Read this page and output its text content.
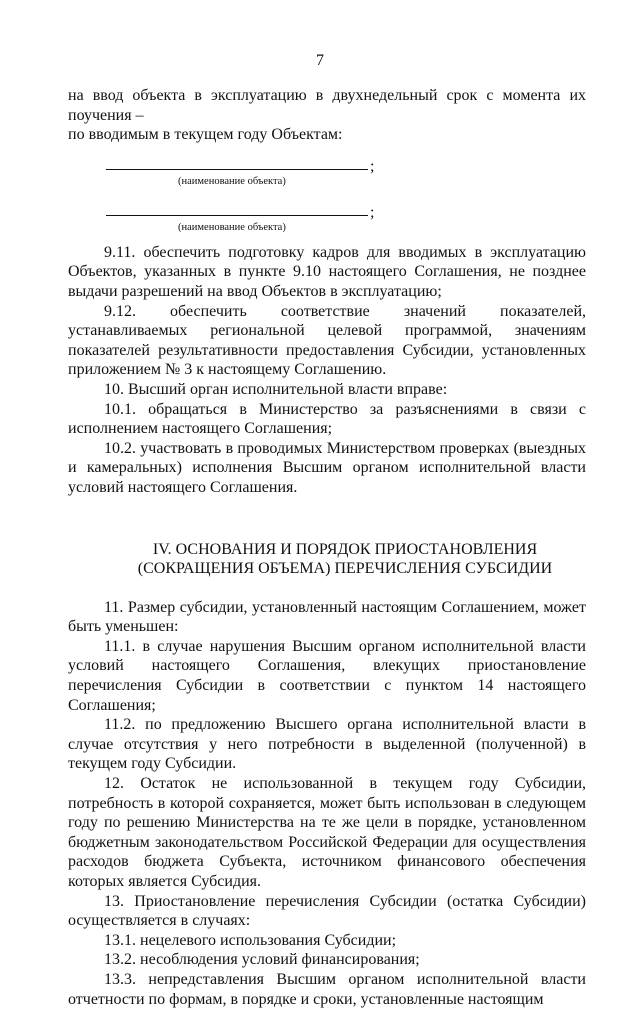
7

на ввод объекта в эксплуатацию в двухнедельный срок с момента их поучения –

по вводимым в текущем году Объектам:

;
(наименование объекта)
;
(наименование объекта)

9.11. обеспечить подготовку кадров для вводимых в эксплуатацию Объектов, указанных в пункте 9.10 настоящего Соглашения, не позднее выдачи разрешений на ввод Объектов в эксплуатацию;

9.12. обеспечить соответствие значений показателей, устанавливаемых региональной целевой программой, значениям показателей результативности предоставления Субсидии, установленных приложением № 3 к настоящему Соглашению.

10. Высший орган исполнительной власти вправе:

10.1. обращаться в Министерство за разъяснениями в связи с исполнением настоящего Соглашения;

10.2. участвовать в проводимых Министерством проверках (выездных и камеральных) исполнения Высшим органом исполнительной власти условий настоящего Соглашения.

IV. ОСНОВАНИЯ И ПОРЯДОК ПРИОСТАНОВЛЕНИЯ

(СОКРАЩЕНИЯ ОБЪЕМА) ПЕРЕЧИСЛЕНИЯ СУБСИДИИ

11. Размер субсидии, установленный настоящим Соглашением, может быть уменьшен:

11.1. в случае нарушения Высшим органом исполнительной власти условий настоящего Соглашения, влекущих приостановление перечисления Субсидии в соответствии с пунктом 14 настоящего Соглашения;

11.2. по предложению Высшего органа исполнительной власти в случае отсутствия у него потребности в выделенной (полученной) в текущем году Субсидии.

12. Остаток не использованной в текущем году Субсидии, потребность в которой сохраняется, может быть использован в следующем году по решению Министерства на те же цели в порядке, установленном бюджетным законодательством Российской Федерации для осуществления расходов бюджета Субъекта, источником финансового обеспечения которых является Субсидия.

13. Приостановление перечисления Субсидии (остатка Субсидии) осуществляется в случаях:

13.1. нецелевого использования Субсидии;

13.2. несоблюдения условий финансирования;

13.3. непредставления Высшим органом исполнительной власти отчетности по формам, в порядке и сроки, установленные настоящим
